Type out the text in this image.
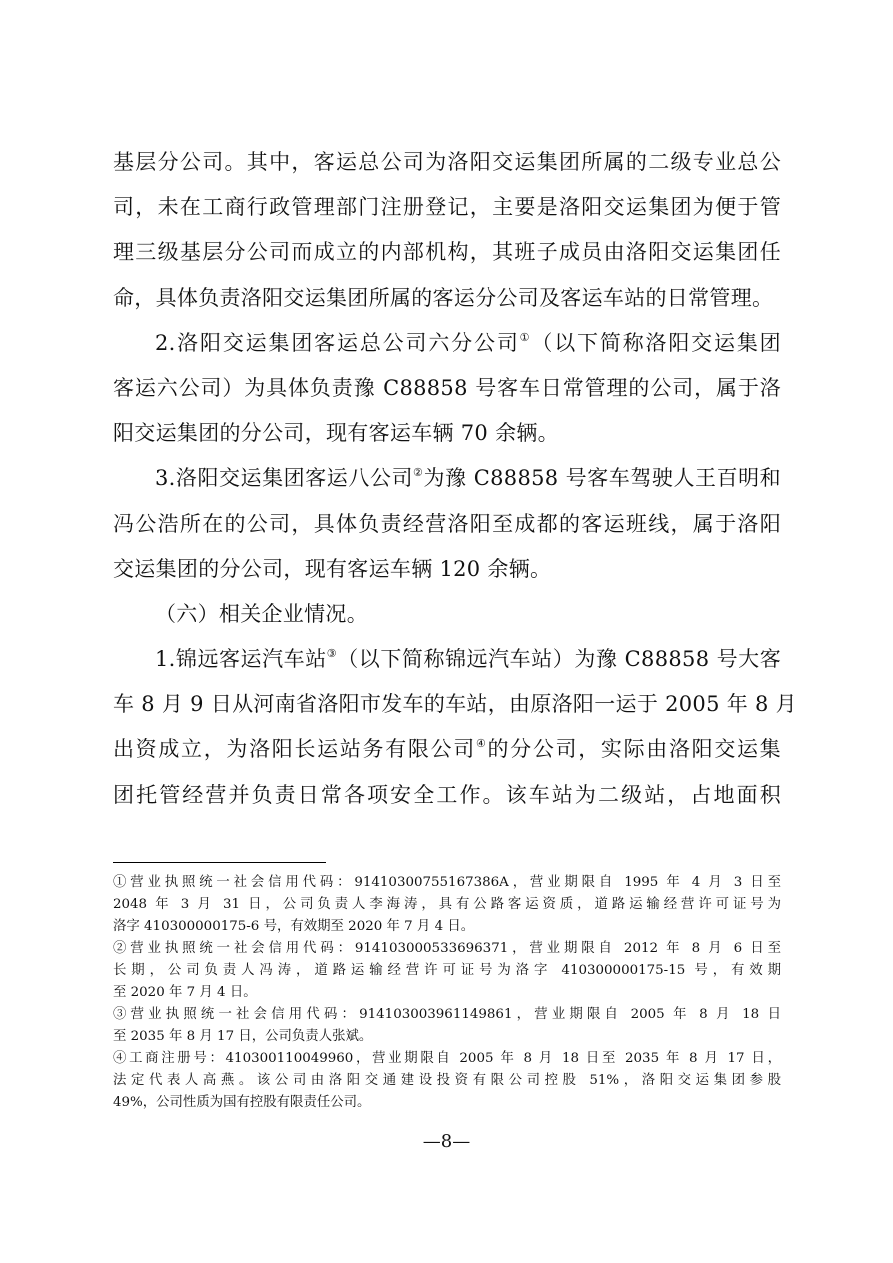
基层分公司。其中，客运总公司为洛阳交运集团所属的二级专业总公
司，未在工商行政管理部门注册登记，主要是洛阳交运集团为便于管
理三级基层分公司而成立的内部机构，其班子成员由洛阳交运集团任
命，具体负责洛阳交运集团所属的客运分公司及客运车站的日常管理。
2.洛阳交运集团客运总公司六分公司①（以下简称洛阳交运集团
客运六公司）为具体负责豫 C88858 号客车日常管理的公司，属于洛
阳交运集团的分公司，现有客运车辆 70 余辆。
3.洛阳交运集团客运八公司②为豫 C88858 号客车驾驶人王百明和
冯公浩所在的公司，具体负责经营洛阳至成都的客运班线，属于洛阳
交运集团的分公司，现有客运车辆 120 余辆。
（六）相关企业情况。
1.锦远客运汽车站③（以下简称锦远汽车站）为豫 C88858 号大客
车 8 月 9 日从河南省洛阳市发车的车站，由原洛阳一运于 2005 年 8 月
出资成立，为洛阳长运站务有限公司④的分公司，实际由洛阳交运集
团托管经营并负责日常各项安全工作。该车站为二级站，占地面积
①营业执照统一社会信用代码：91410300755167386A，营业期限自 1995 年 4 月 3 日至
2048 年 3 月 31 日，公司负责人李海涛，具有公路客运资质，道路运输经营许可证号为
洛字 410300000175-6 号，有效期至 2020 年 7 月 4 日。
②营业执照统一社会信用代码：91410300053369637​1，营业期限自 2012 年 8 月 6 日至
长期，公司负责人冯涛，道路运输经营许可证号为洛字 410300000175-15 号，有效期
至 2020 年 7 月 4 日。
③营业执照统一社会信用代码：914103003961149861，营业期限自 2005 年 8 月 18 日
至 2035 年 8 月 17 日，公司负责人张斌。
④工商注册号：410300110049960，营业期限自 2005 年 8 月 18 日至 2035 年 8 月 17 日，
法定代表人高燕。该公司由洛阳交通建设投资有限公司控股 51%，洛阳交运集团参股
49%，公司性质为国有控股有限责任公司。
—8—
